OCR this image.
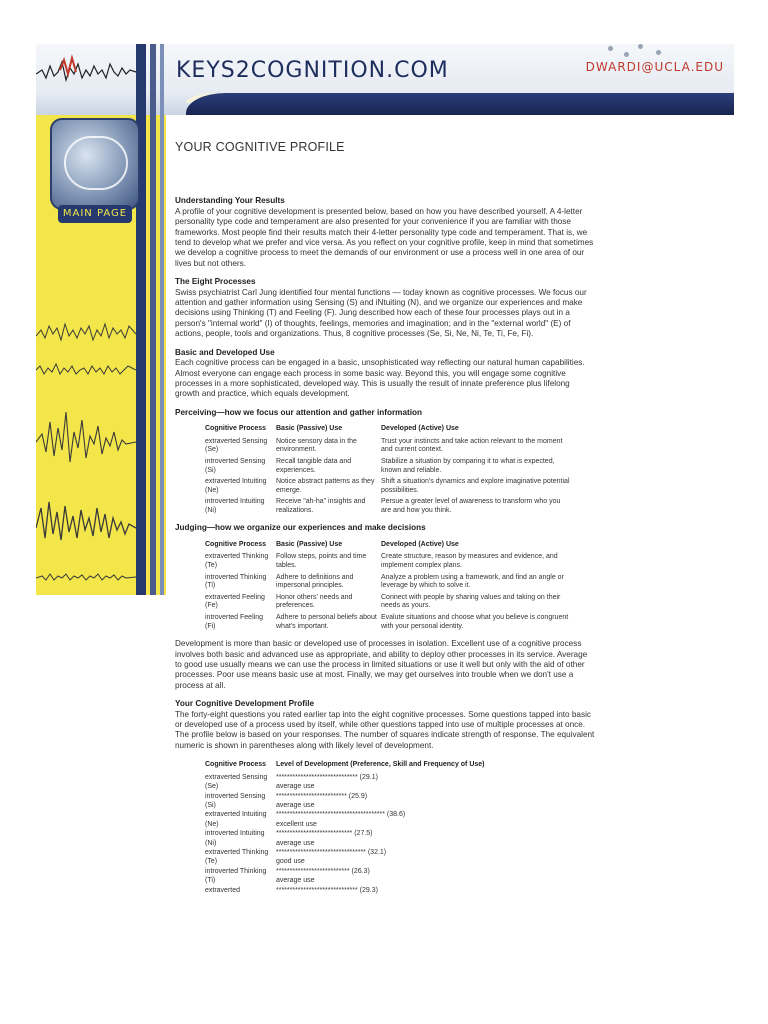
KEYS2COGNITION.COM	DWARDI@UCLA.EDU
MAIN PAGE
YOUR COGNITIVE PROFILE
Understanding Your Results
A profile of your cognitive development is presented below, based on how you have described yourself. A 4-letter personality type code and temperament are also presented for your convenience if you are familiar with those frameworks. Most people find their results match their 4-letter personality type code and temperament. That is, we tend to develop what we prefer and vice versa. As you reflect on your cognitive profile, keep in mind that sometimes we develop a cognitive process to meet the demands of our environment or use a process well in one area of our lives but not others.
The Eight Processes
Swiss psychiatrist Carl Jung identified four mental functions — today known as cognitive processes. We focus our attention and gather information using Sensing (S) and iNtuiting (N), and we organize our experiences and make decisions using Thinking (T) and Feeling (F). Jung described how each of these four processes plays out in a person's "internal world" (I) of thoughts, feelings, memories and imagination; and in the "external world" (E) of actions, people, tools and organizations. Thus, 8 cognitive processes (Se, Si, Ne, Ni, Te, Ti, Fe, Fi).
Basic and Developed Use
Each cognitive process can be engaged in a basic, unsophisticated way reflecting our natural human capabilities. Almost everyone can engage each process in some basic way. Beyond this, you will engage some cognitive processes in a more sophisticated, developed way. This is usually the result of innate preference plus lifelong growth and practice, which equals development.
Perceiving—how we focus our attention and gather information
Cognitive Process	Basic (Passive) Use	Developed (Active) Use
extraverted Sensing (Se)	Notice sensory data in the environment.	Trust your instincts and take action relevant to the moment and current context.
introverted Sensing (Si)	Recall tangible data and experiences.	Stabilize a situation by comparing it to what is expected, known and reliable.
extraverted Intuiting (Ne)	Notice abstract patterns as they emerge.	Shift a situation's dynamics and explore imaginative potential possibilities.
introverted Intuiting (Ni)	Receive "ah-ha" insights and realizations.	Persue a greater level of awareness to transform who you are and how you think.
Judging—how we organize our experiences and make decisions
Cognitive Process	Basic (Passive) Use	Developed (Active) Use
extraverted Thinking (Te)	Follow steps, points and time tables.	Create structure, reason by measures and evidence, and implement complex plans.
introverted Thinking (Ti)	Adhere to definitions and impersonal principles.	Analyze a problem using a framework, and find an angle or leverage by which to solve it.
extraverted Feeling (Fe)	Honor others' needs and preferences.	Connect with people by sharing values and taking on their needs as yours.
introverted Feeling (Fi)	Adhere to personal beliefs about what's important.	Evalute situations and choose what you believe is congruent with your personal identity.
Development is more than basic or developed use of processes in isolation. Excellent use of a cognitive process involves both basic and advanced use as appropriate, and ability to deploy other processes in its service. Average to good use usually means we can use the process in limited situations or use it well but only with the aid of other processes. Poor use means basic use at most. Finally, we may get ourselves into trouble when we don't use a process at all.
Your Cognitive Development Profile
The forty-eight questions you rated earlier tap into the eight cognitive processes. Some questions tapped into basic or developed use of a process used by itself, while other questions tapped into use of multiple processes at once. The profile below is based on your responses. The number of squares indicate strength of response. The equivalent numeric is shown in parentheses along with likely level of development.
Cognitive Process	Level of Development (Preference, Skill and Frequency of Use)
extraverted Sensing (Se)	****************************** (29.1)
average use

introverted Sensing (Si)	************************** (25.9)
average use

extraverted Intuiting (Ne)	**************************************** (38.6)
excellent use

introverted Intuiting (Ni)	**************************** (27.5)
average use

extraverted Thinking (Te)	********************************* (32.1)
good use

introverted Thinking (Ti)	*************************** (26.3)
average use

extraverted	****************************** (29.3)
